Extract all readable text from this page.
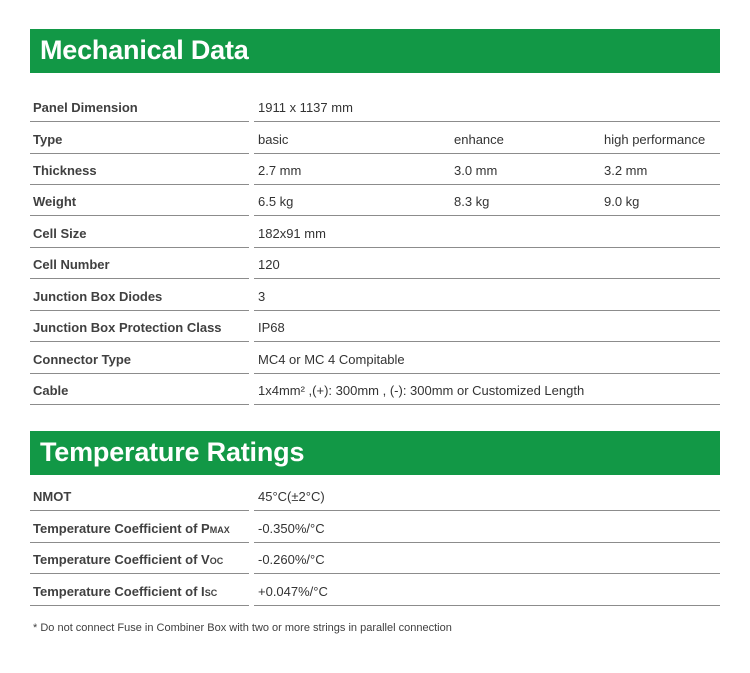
Mechanical Data
Panel Dimension	1911 x 1137 mm
Type	basic	enhance	high performance
Thickness	2.7 mm	3.0 mm	3.2 mm
Weight	6.5 kg	8.3 kg	9.0 kg
Cell Size	182x91 mm
Cell Number	120
Junction Box Diodes	3
Junction Box Protection Class	IP68
Connector Type	MC4 or MC 4 Compitable
Cable	1x4mm² ,(+): 300mm , (-): 300mm or Customized Length
Temperature Ratings
NMOT	45°C(±2°C)
Temperature Coefficient of PMAX -0.350%/°C
Temperature Coefficient of VOC	-0.260%/°C
Temperature Coefficient of ISC	+0.047%/°C
* Do not connect Fuse in Combiner Box with two or more strings in parallel connection
